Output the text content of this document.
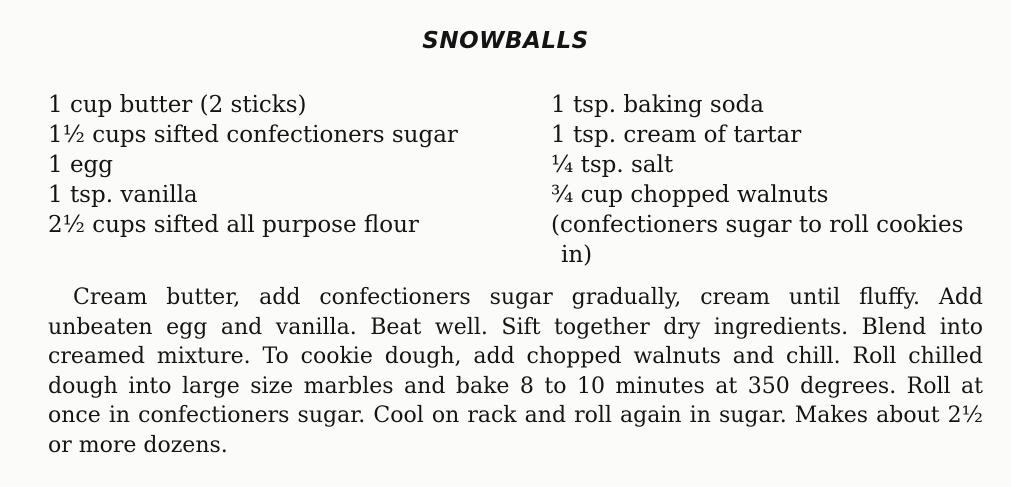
SNOWBALLS
1 cup butter (2 sticks)
1½ cups sifted confectioners sugar
1 egg
1 tsp. vanilla
2½ cups sifted all purpose flour
1 tsp. baking soda
1 tsp. cream of tartar
¼ tsp. salt
¾ cup chopped walnuts
(confectioners sugar to roll cookies in)

Cream butter, add confectioners sugar gradually, cream until fluffy. Add unbeaten egg and vanilla. Beat well. Sift together dry ingredients. Blend into creamed mixture. To cookie dough, add chopped walnuts and chill. Roll chilled dough into large size marbles and bake 8 to 10 minutes at 350 degrees. Roll at once in confectioners sugar. Cool on rack and roll again in sugar. Makes about 2½ or more dozens.
